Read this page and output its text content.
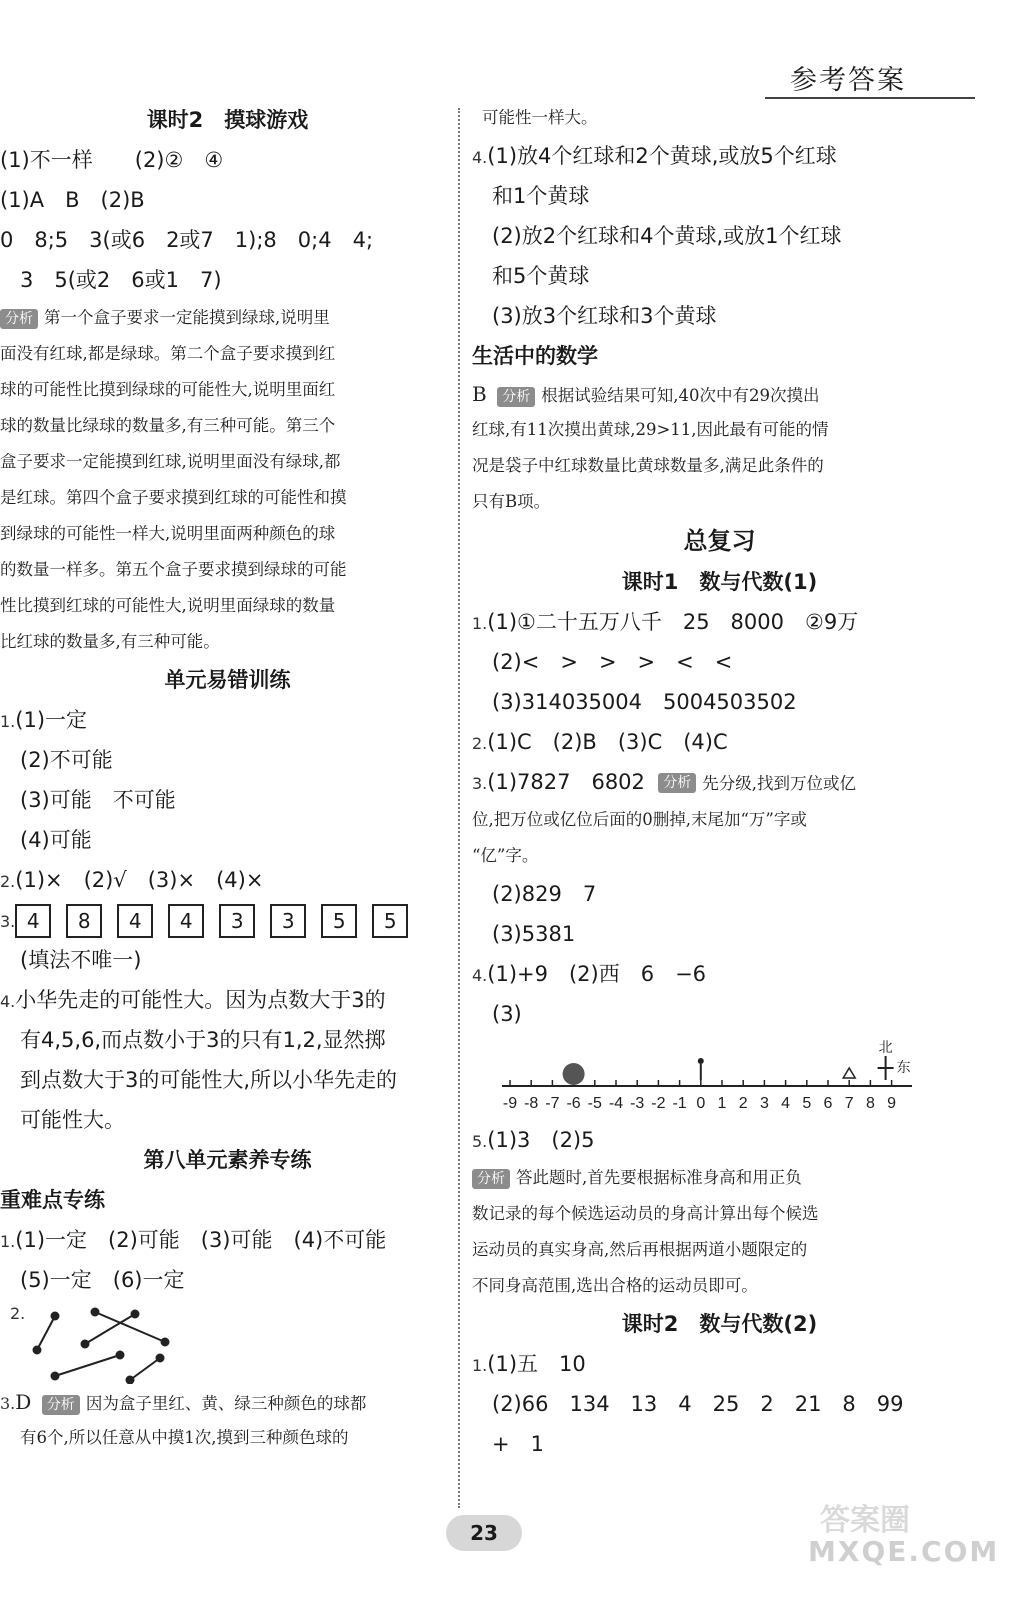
参考答案
课时2　摸球游戏
(1)不一样　　(2)②　④
(1)A　B　(2)B
0　8;5　3(或6　2或7　1);8　0;4　4;
3　5(或2　6或1　7)
分析 第一个盒子要求一定能摸到绿球,说明里
面没有红球,都是绿球。第二个盒子要求摸到红
球的可能性比摸到绿球的可能性大,说明里面红
球的数量比绿球的数量多,有三种可能。第三个
盒子要求一定能摸到红球,说明里面没有绿球,都
是红球。第四个盒子要求摸到红球的可能性和摸
到绿球的可能性一样大,说明里面两种颜色的球
的数量一样多。第五个盒子要求摸到绿球的可能
性比摸到红球的可能性大,说明里面绿球的数量
比红球的数量多,有三种可能。
单元易错训练
1.(1)一定
(2)不可能
(3)可能　不可能
(4)可能
2.(1)×　(2)√　(3)×　(4)×
3. 4 8 4 4 3 3 5 5
(填法不唯一)
4.小华先走的可能性大。因为点数大于3的
有4,5,6,而点数小于3的只有1,2,显然掷
到点数大于3的可能性大,所以小华先走的
可能性大。
第八单元素养专练
重难点专练
1.(1)一定　(2)可能　(3)可能　(4)不可能
(5)一定　(6)一定
2.
3.D 分析 因为盒子里红、黄、绿三种颜色的球都
有6个,所以任意从中摸1次,摸到三种颜色球的
可能性一样大。
4.(1)放4个红球和2个黄球,或放5个红球
和1个黄球
(2)放2个红球和4个黄球,或放1个红球
和5个黄球
(3)放3个红球和3个黄球
生活中的数学
B 分析 根据试验结果可知,40次中有29次摸出
红球,有11次摸出黄球,29>11,因此最有可能的情
况是袋子中红球数量比黄球数量多,满足此条件的
只有B项。
总复习
课时1　数与代数(1)
1.(1)①二十五万八千　25　8000　②9万
(2)<　>　>　>　<　<
(3)314035004　5004503502
2.(1)C　(2)B　(3)C　(4)C
3.(1)7827　6802 分析 先分级,找到万位或亿
位,把万位或亿位后面的0删掉,末尾加“万”字或
“亿”字。
(2)829　7
(3)5381
4.(1)+9　(2)西　6　−6
(3)
-9 -8 -7 -6 -5 -4 -3 -2 -1 0 1 2 3 4 5 6 7 8 9
北
东
5.(1)3　(2)5
分析 答此题时,首先要根据标准身高和用正负
数记录的每个候选运动员的身高计算出每个候选
运动员的真实身高,然后再根据两道小题限定的
不同身高范围,选出合格的运动员即可。
课时2　数与代数(2)
1.(1)五　10
(2)66　134　13　4　25　2　21　8　99
+　1
23	答案圈
MXQE.COM
